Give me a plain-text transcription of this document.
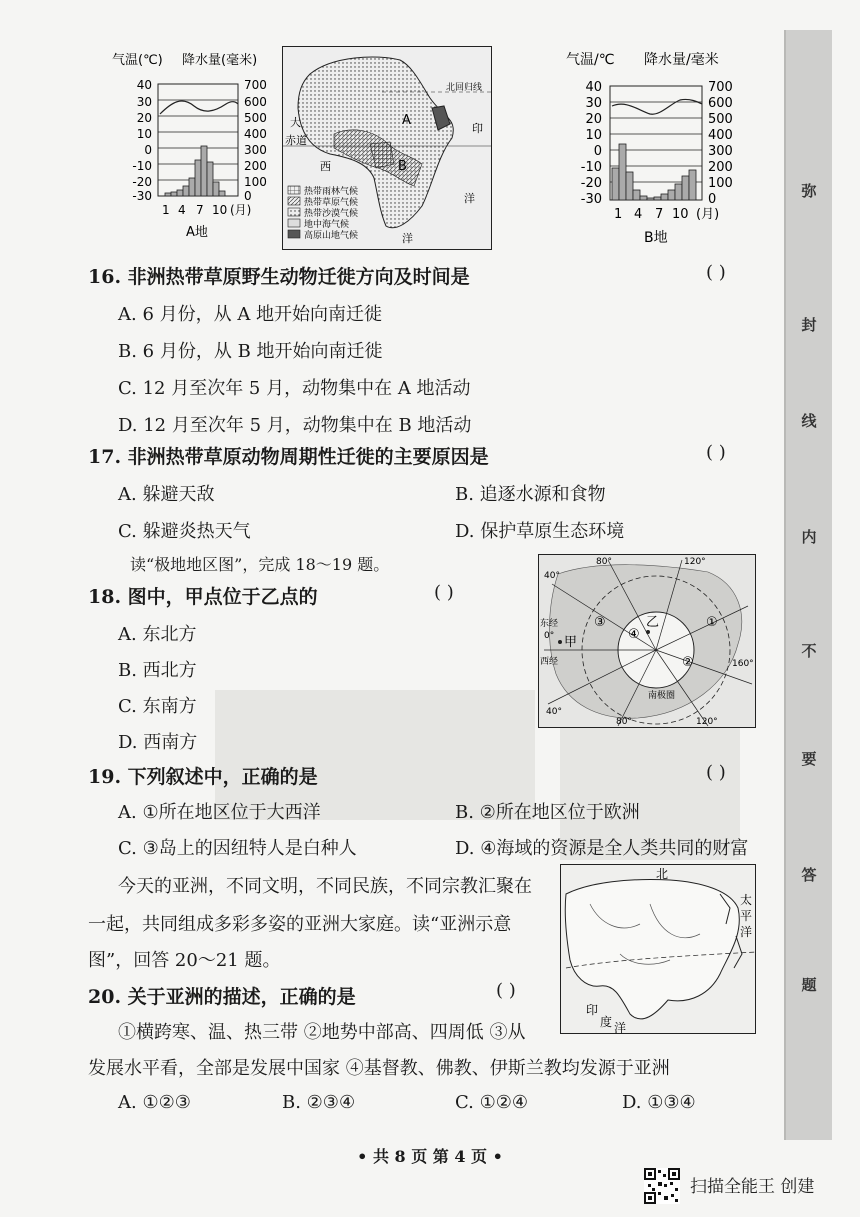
气温(℃) 降水量(毫米)
40
30
20
10
0
-10
-20
-30
700
600
500
400
300
200
100
0
1 4 7 10 (月)
A地
赤道
大
西
洋
印
洋
A
B
北回归线
热带雨林气候
热带草原气候
热带沙漠气候
地中海气候
高原山地气候
气温/℃ 降水量/毫米
40
30
20
10
0
-10
-20
-30
700
600
500
400
300
200
100
0
1 4 7 10 (月)
B地
16. 非洲热带草原野生动物迁徙方向及时间是	( )
A. 6 月份，从 A 地开始向南迁徙
B. 6 月份，从 B 地开始向南迁徙
C. 12 月至次年 5 月，动物集中在 A 地活动
D. 12 月至次年 5 月，动物集中在 B 地活动
17. 非洲热带草原动物周期性迁徙的主要原因是	( )
A. 躲避天敌	B. 追逐水源和食物
C. 躲避炎热天气	D. 保护草原生态环境
读“极地地区图”，完成 18～19 题。	80°	120°
40°
东经
0°
西经	160°
80°	120°
40°
③
④
乙	①
②
甲
南极圈
18. 图中，甲点位于乙点的	( )
A. 东北方
B. 西北方
C. 东南方
D. 西南方
19. 下列叙述中，正确的是	( )
A. ①所在地区位于大西洋	B. ②所在地区位于欧洲
C. ③岛上的因纽特人是白种人	D. ④海域的资源是全人类共同的财富
今天的亚洲，不同文明，不同民族，不同宗教汇聚在
一起，共同组成多彩多姿的亚洲大家庭。读“亚洲示意
图”，回答 20～21 题。
北
太
平
洋
印
度 洋
20. 关于亚洲的描述，正确的是	( )
①横跨寒、温、热三带 ②地势中部高、四周低 ③从
发展水平看，全部是发展中国家 ④基督教、佛教、伊斯兰教均发源于亚洲
A. ①②③	B. ②③④	C. ①②④	D. ①③④
• 共 8 页 第 4 页 •
弥
封
线
内
不
要
答
题
扫描全能王 创建
